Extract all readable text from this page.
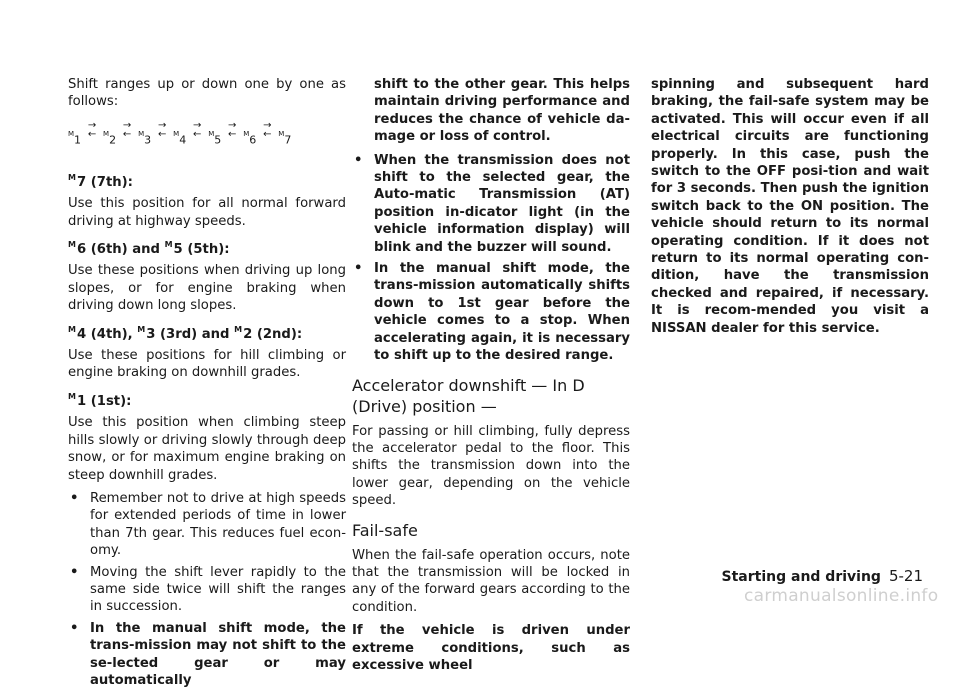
Shift ranges up or down one by one as follows:

$^M$1
→
← $^M$2
→
← $^M$3
→
← $^M$4
→
← $^M$5
→
← $^M$6
→
← $^M$7
$^M$7 (7th):

Use this position for all normal forward driving at highway speeds.

$^M$6 (6th) and $^M$5 (5th):

Use these positions when driving up long slopes, or for engine braking when driving down long slopes.

$^M$4 (4th), $^M$3 (3rd) and $^M$2 (2nd):

Use these positions for hill climbing or engine braking on downhill grades.

$^M$1 (1st):

Use this position when climbing steep hills slowly or driving slowly through deep snow, or for maximum engine braking on steep downhill grades.

• Remember not to drive at high speeds for extended periods of time in lower than 7th gear. This reduces fuel econ-omy.
• Moving the shift lever rapidly to the same side twice will shift the ranges in succession.
• In the manual shift mode, the trans-mission may not shift to the se-lected gear or may automatically

shift to the other gear. This helps maintain driving performance and reduces the chance of vehicle da-mage or loss of control.

• When the transmission does not shift to the selected gear, the Auto-matic Transmission (AT) position in-dicator light (in the vehicle information display) will blink and the buzzer will sound.
• In the manual shift mode, the trans-mission automatically shifts down to 1st gear before the vehicle comes to a stop. When accelerating again, it is necessary to shift up to the desired range.
Accelerator downshift — In D (Drive) position —

For passing or hill climbing, fully depress the accelerator pedal to the floor. This shifts the transmission down into the lower gear, depending on the vehicle speed.

Fail-safe

When the fail-safe operation occurs, note that the transmission will be locked in any of the forward gears according to the condition.

If the vehicle is driven under extreme conditions, such as excessive wheel

spinning and subsequent hard braking, the fail-safe system may be activated. This will occur even if all electrical circuits are functioning properly. In this case, push the switch to the OFF posi-tion and wait for 3 seconds. Then push the ignition switch back to the ON position. The vehicle should return to its normal operating condition. If it does not return to its normal operating con-dition, have the transmission checked and repaired, if necessary. It is recom-mended you visit a NISSAN dealer for this service.

Starting and driving 5-21
carmanualsonline.info
